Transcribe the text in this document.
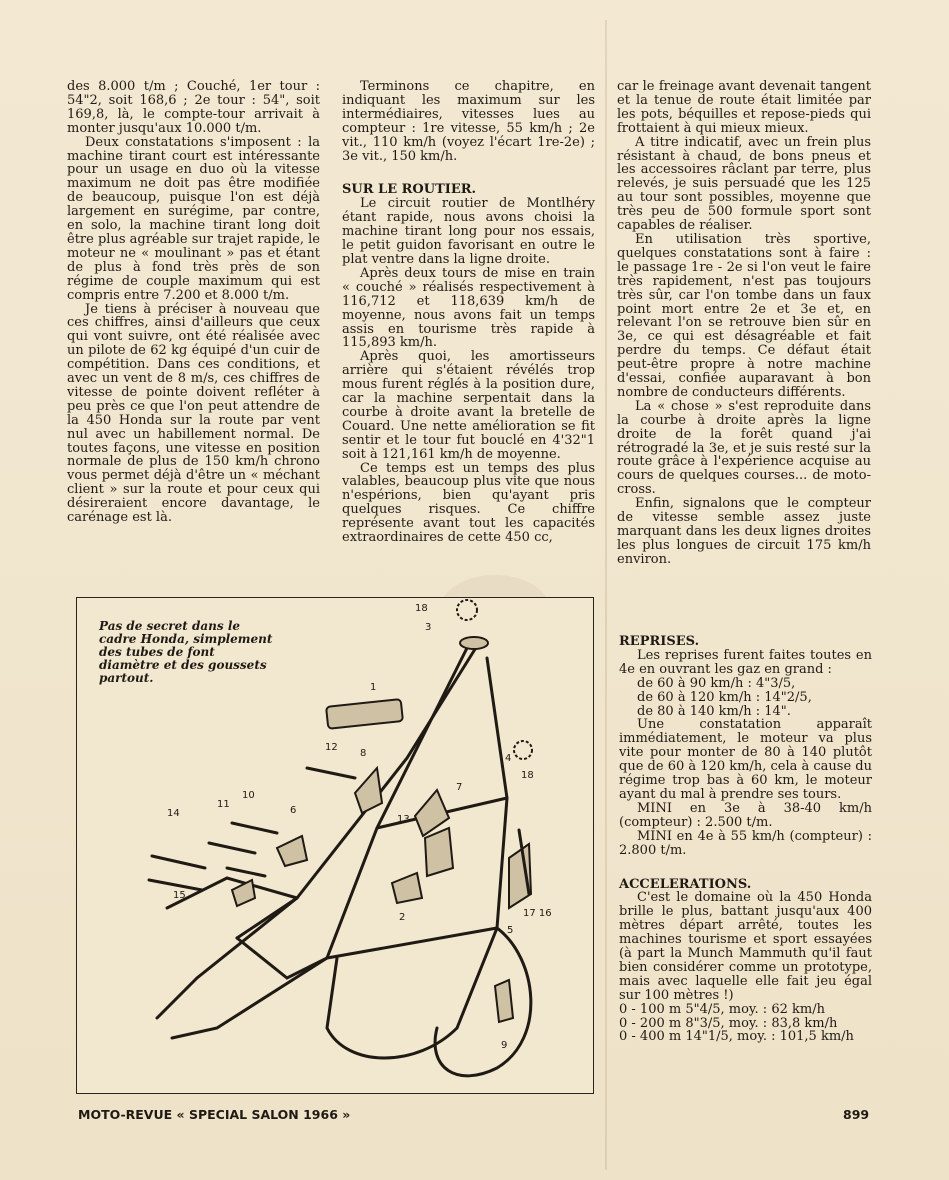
des 8.000 t/m ; Couché, 1er tour : 54"2, soit 168,6 ; 2e tour : 54", soit 169,8, là, le compte-tour arrivait à monter jusqu'aux 10.000 t/m.

Deux constatations s'imposent : la machine tirant court est intéressante pour un usage en duo où la vitesse maximum ne doit pas être modifiée de beaucoup, puisque l'on est déjà largement en surégime, par contre, en solo, la machine tirant long doit être plus agréable sur trajet rapide, le moteur ne « moulinant » pas et étant de plus à fond très près de son régime de couple maximum qui est compris entre 7.200 et 8.000 t/m.

Je tiens à préciser à nouveau que ces chiffres, ainsi d'ailleurs que ceux qui vont suivre, ont été réalisée avec un pilote de 62 kg équipé d'un cuir de compétition. Dans ces conditions, et avec un vent de 8 m/s, ces chiffres de vitesse de pointe doivent refléter à peu près ce que l'on peut attendre de la 450 Honda sur la route par vent nul avec un habillement normal. De toutes façons, une vitesse en position normale de plus de 150 km/h chrono vous permet déjà d'être un « méchant client » sur la route et pour ceux qui désireraient encore davantage, le carénage est là.

Terminons ce chapitre, en indiquant les maximum sur les intermédiaires, vitesses lues au compteur : 1re vitesse, 55 km/h ; 2e vit., 110 km/h (voyez l'écart 1re-2e) ; 3e vit., 150 km/h.

SUR LE ROUTIER.

Le circuit routier de Montlhéry étant rapide, nous avons choisi la machine tirant long pour nos essais, le petit guidon favorisant en outre le plat ventre dans la ligne droite.

Après deux tours de mise en train « couché » réalisés respectivement à 116,712 et 118,639 km/h de moyenne, nous avons fait un temps assis en tourisme très rapide à 115,893 km/h.

Après quoi, les amortisseurs arrière qui s'étaient révélés trop mous furent réglés à la position dure, car la machine serpentait dans la courbe à droite avant la bretelle de Couard. Une nette amélioration se fit sentir et le tour fut bouclé en 4'32"1 soit à 121,161 km/h de moyenne.

Ce temps est un temps des plus valables, beaucoup plus vite que nous n'espérions, bien qu'ayant pris quelques risques. Ce chiffre représente avant tout les capacités extraordinaires de cette 450 cc,

car le freinage avant devenait tangent et la tenue de route était limitée par les pots, béquilles et repose-pieds qui frottaient à qui mieux mieux.

A titre indicatif, avec un frein plus résistant à chaud, de bons pneus et les accessoires râclant par terre, plus relevés, je suis persuadé que les 125 au tour sont possibles, moyenne que très peu de 500 formule sport sont capables de réaliser.

En utilisation très sportive, quelques constatations sont à faire : le passage 1re - 2e si l'on veut le faire très rapidement, n'est pas toujours très sûr, car l'on tombe dans un faux point mort entre 2e et 3e et, en relevant l'on se retrouve bien sûr en 3e, ce qui est désagréable et fait perdre du temps. Ce défaut était peut-être propre à notre machine d'essai, confiée auparavant à bon nombre de conducteurs différents.

La « chose » s'est reproduite dans la courbe à droite après la ligne droite de la forêt quand j'ai rétrogradé la 3e, et je suis resté sur la route grâce à l'expérience acquise au cours de quelques courses... de moto-cross.

Enfin, signalons que le compteur de vitesse semble assez juste marquant dans les deux lignes droites les plus longues de circuit 175 km/h environ.

REPRISES.

Les reprises furent faites toutes en 4e en ouvrant les gaz en grand :

de 60 à 90 km/h : 4"3/5,

de 60 à 120 km/h : 14"2/5,

de 80 à 140 km/h : 14".

Une constatation apparaît immédiatement, le moteur va plus vite pour monter de 80 à 140 plutôt que de 60 à 120 km/h, cela à cause du régime trop bas à 60 km, le moteur ayant du mal à prendre ses tours.

MINI en 3e à 38-40 km/h (compteur) : 2.500 t/m.

MINI en 4e à 55 km/h (compteur) : 2.800 t/m.

ACCELERATIONS.

C'est le domaine où la 450 Honda brille le plus, battant jusqu'aux 400 mètres départ arrêté, toutes les machines tourisme et sport essayées (à part la Munch Mammuth qu'il faut bien considérer comme un prototype, mais avec laquelle elle fait jeu égal sur 100 mètres !)

0 - 100 m 5"4/5, moy. : 62 km/h

0 - 200 m 8"3/5, moy. : 83,8 km/h

0 - 400 m 14"1/5, moy. : 101,5 km/h

Pas de secret dans le cadre Honda, simplement des tubes de font diamètre et des goussets partout.
18
3
1
12
8	4
18
7
10
11
6
13
14
15
5
17 16
2
9
MOTO-REVUE « SPECIAL SALON 1966 »	899
